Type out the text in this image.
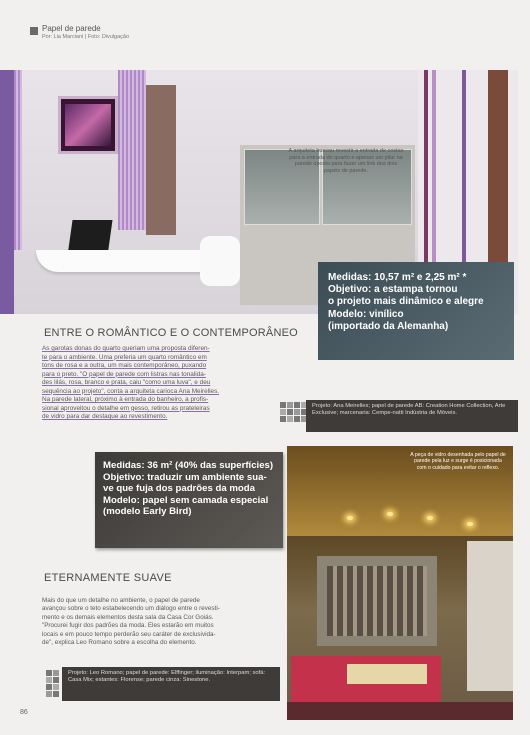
Papel de parede
Por: Lia Marciani | Foto: Divulgação
A arquiteta buscou revestir a entrada de costas para a entrada do quarto e apenas um pilar na parede oposta para fazer um link dos dois papéis de parede.
Medidas: 10,57 m² e 2,25 m² *
Objetivo: a estampa tornou
o projeto mais dinâmico e alegre
Modelo: vinílico
(importado da Alemanha)
ENTRE O ROMÂNTICO E O CONTEMPORÂNEO
As garotas donas do quarto queriam uma proposta diferen-
te para o ambiente. Uma preferia um quarto romântico em
tons de rosa e a outra, um mais contemporâneo, puxando
para o preto. "O papel de parede com listras nas tonalida-
des lilás, rosa, branco e prata, caiu "como uma luva", e deu
sequência ao projeto", conta a arquiteta carioca Ana Meirelles.
Na parede lateral, próximo à entrada do banheiro, a profis-
sional aproveitou o detalhe em gesso, retirou as prateleiras
de vidro para dar destaque ao revestimento.
Projeto: Ana Meirelles; papel de parede AB: Creation Home Collection, Arte Exclusive; marcenaria: Cempe-natti Indústria de Móveis.
A peça de vidro desenhada pelo papel de parede pela luz e surge é posicionada com o cuidado para evitar o reflexo.
Medidas: 36 m² (40% das superfícies)
Objetivo: traduzir um ambiente sua-
ve que fuja dos padrões da moda
Modelo: papel sem camada especial
(modelo Early Bird)
ETERNAMENTE SUAVE
Mais do que um detalhe no ambiente, o papel de parede
avançou sobre o teto estabelecendo um diálogo entre o revesti-
mento e os demais elementos desta sala da Casa Cor Goiás.
"Procurei fugir dos padrões da moda. Eles estarão em muitos
locais e em pouco tempo perderão seu caráter de exclusivida-
de", explica Leo Romano sobre a escolha do elemento.
Projeto: Leo Romano; papel de parede: Elffinger; iluminação: Interpam; sofá: Casa Mix; estantes: Florense; parede cinza: Sinestone.
86
